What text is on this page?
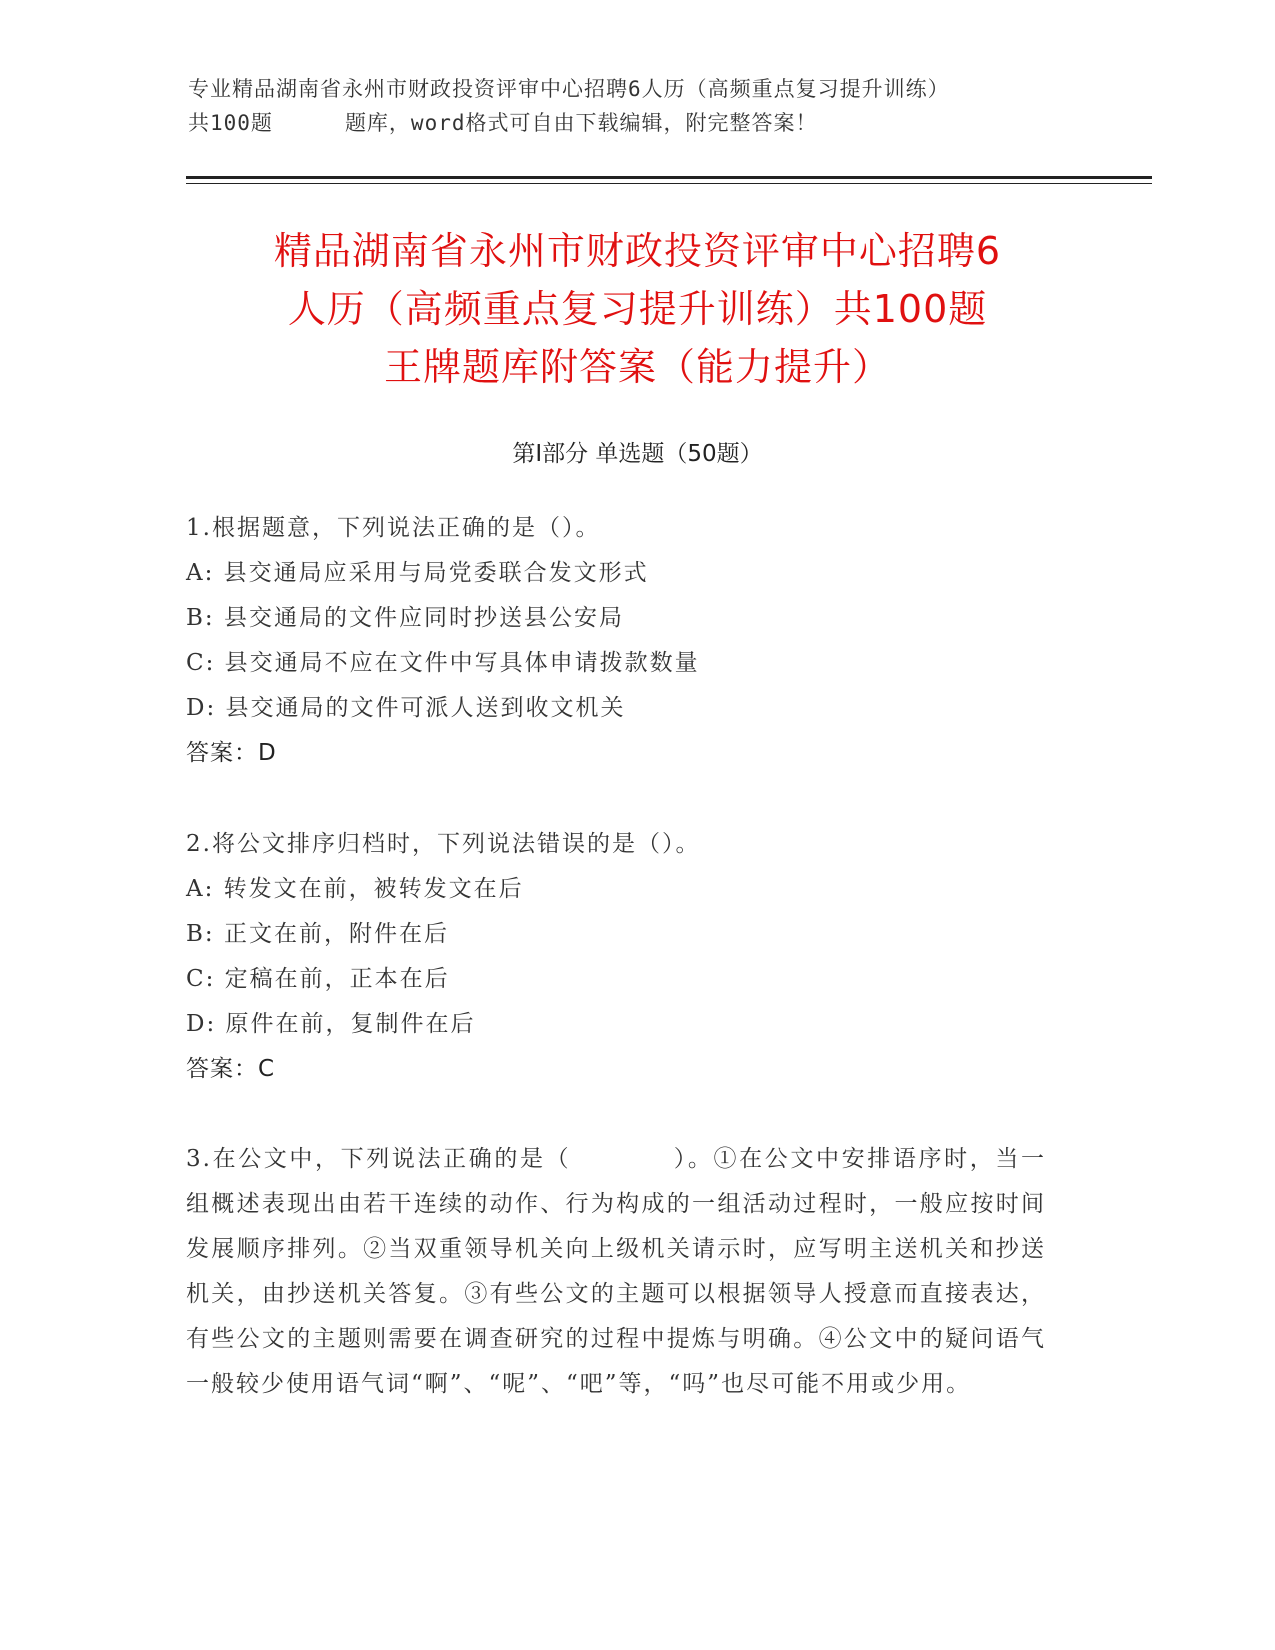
专业精品湖南省永州市财政投资评审中心招聘6人历（高频重点复习提升训练）
共100题	题库，word格式可自由下载编辑，附完整答案！
精品湖南省永州市财政投资评审中心招聘6
人历（高频重点复习提升训练）共100题
王牌题库附答案（能力提升）
第Ⅰ部分 单选题（50题）
1.根据题意，下列说法正确的是（）。
A: 县交通局应采用与局党委联合发文形式
B: 县交通局的文件应同时抄送县公安局
C: 县交通局不应在文件中写具体申请拨款数量
D: 县交通局的文件可派人送到收文机关
答案：D
2.将公文排序归档时，下列说法错误的是（）。
A: 转发文在前，被转发文在后
B: 正文在前，附件在后
C: 定稿在前，正本在后
D: 原件在前，复制件在后
答案：C
3.在公文中，下列说法正确的是（　　　　）。①在公文中安排语序时，当一组概述表现出由若干连续的动作、行为构成的一组活动过程时，一般应按时间发展顺序排列。②当双重领导机关向上级机关请示时，应写明主送机关和抄送机关，由抄送机关答复。③有些公文的主题可以根据领导人授意而直接表达，有些公文的主题则需要在调查研究的过程中提炼与明确。④公文中的疑问语气一般较少使用语气词“啊”、“呢”、“吧”等，“吗”也尽可能不用或少用。
